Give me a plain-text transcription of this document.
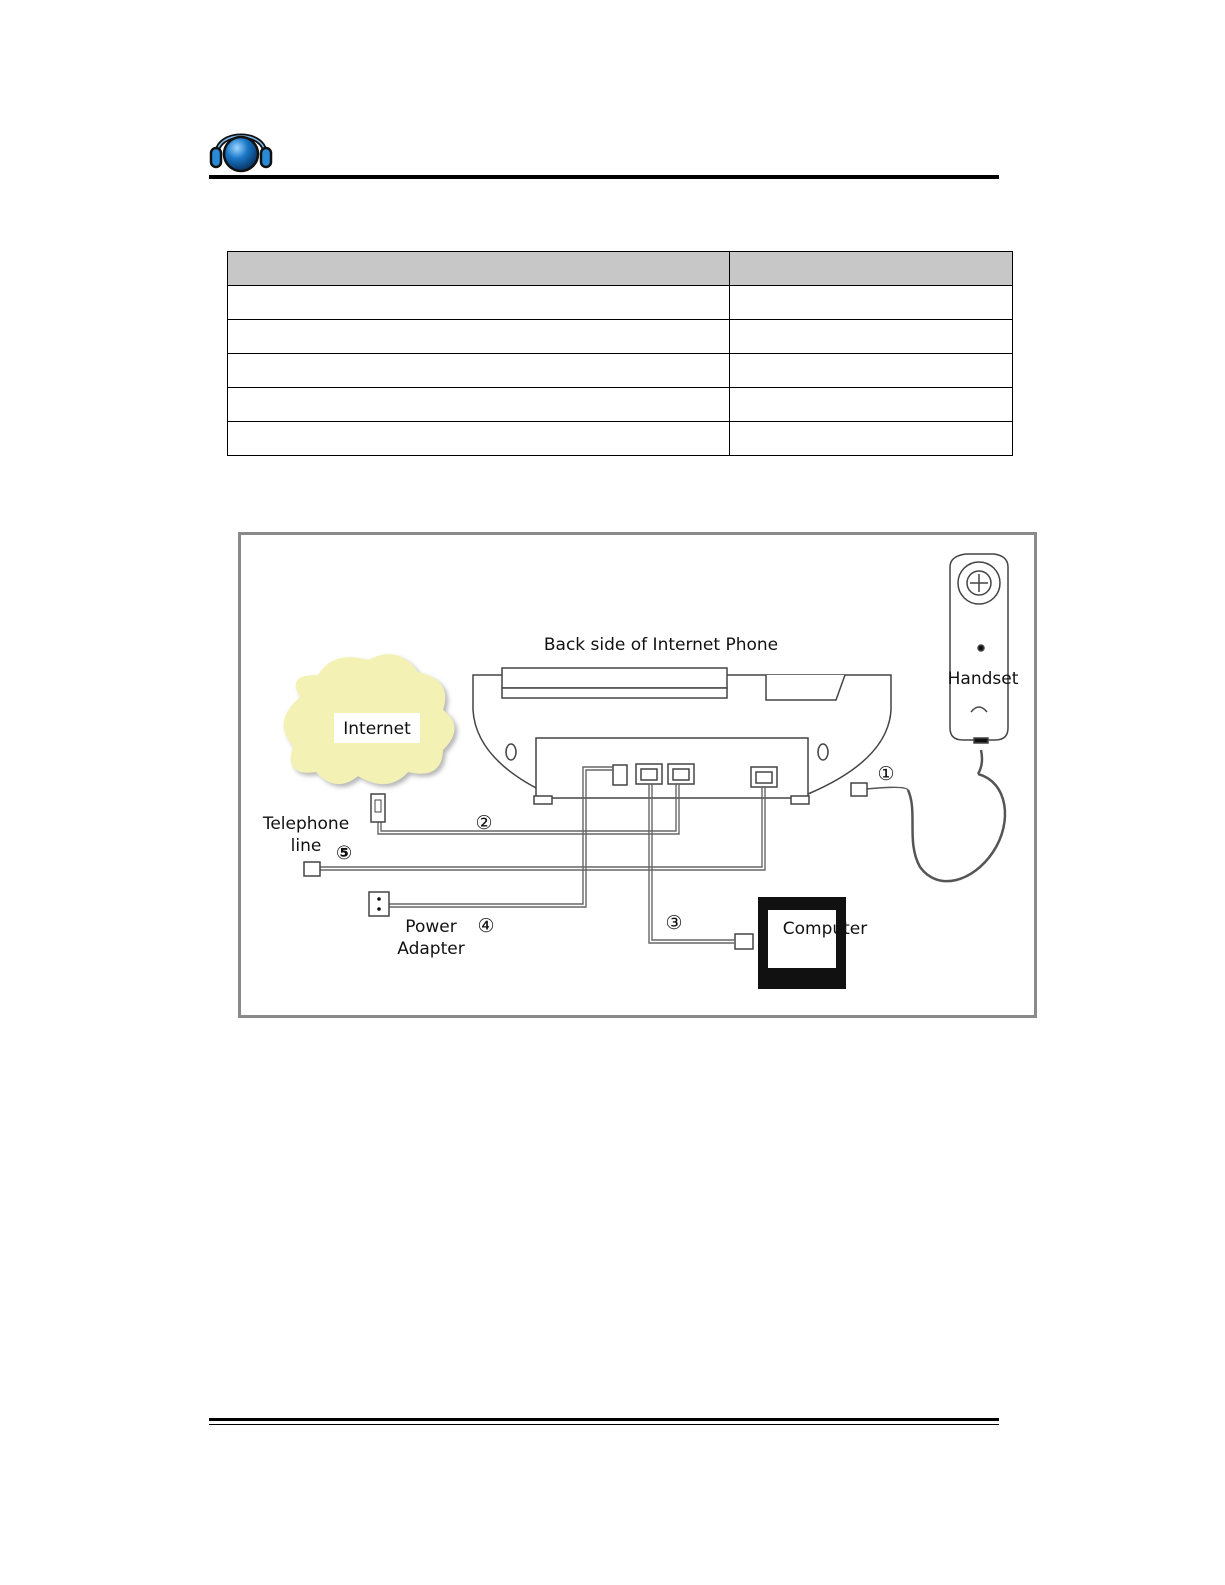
Back side of Internet Phone
Handset
Internet
Telephone
line
Power
Adapter
Computer
①
②
③
④
⑤
